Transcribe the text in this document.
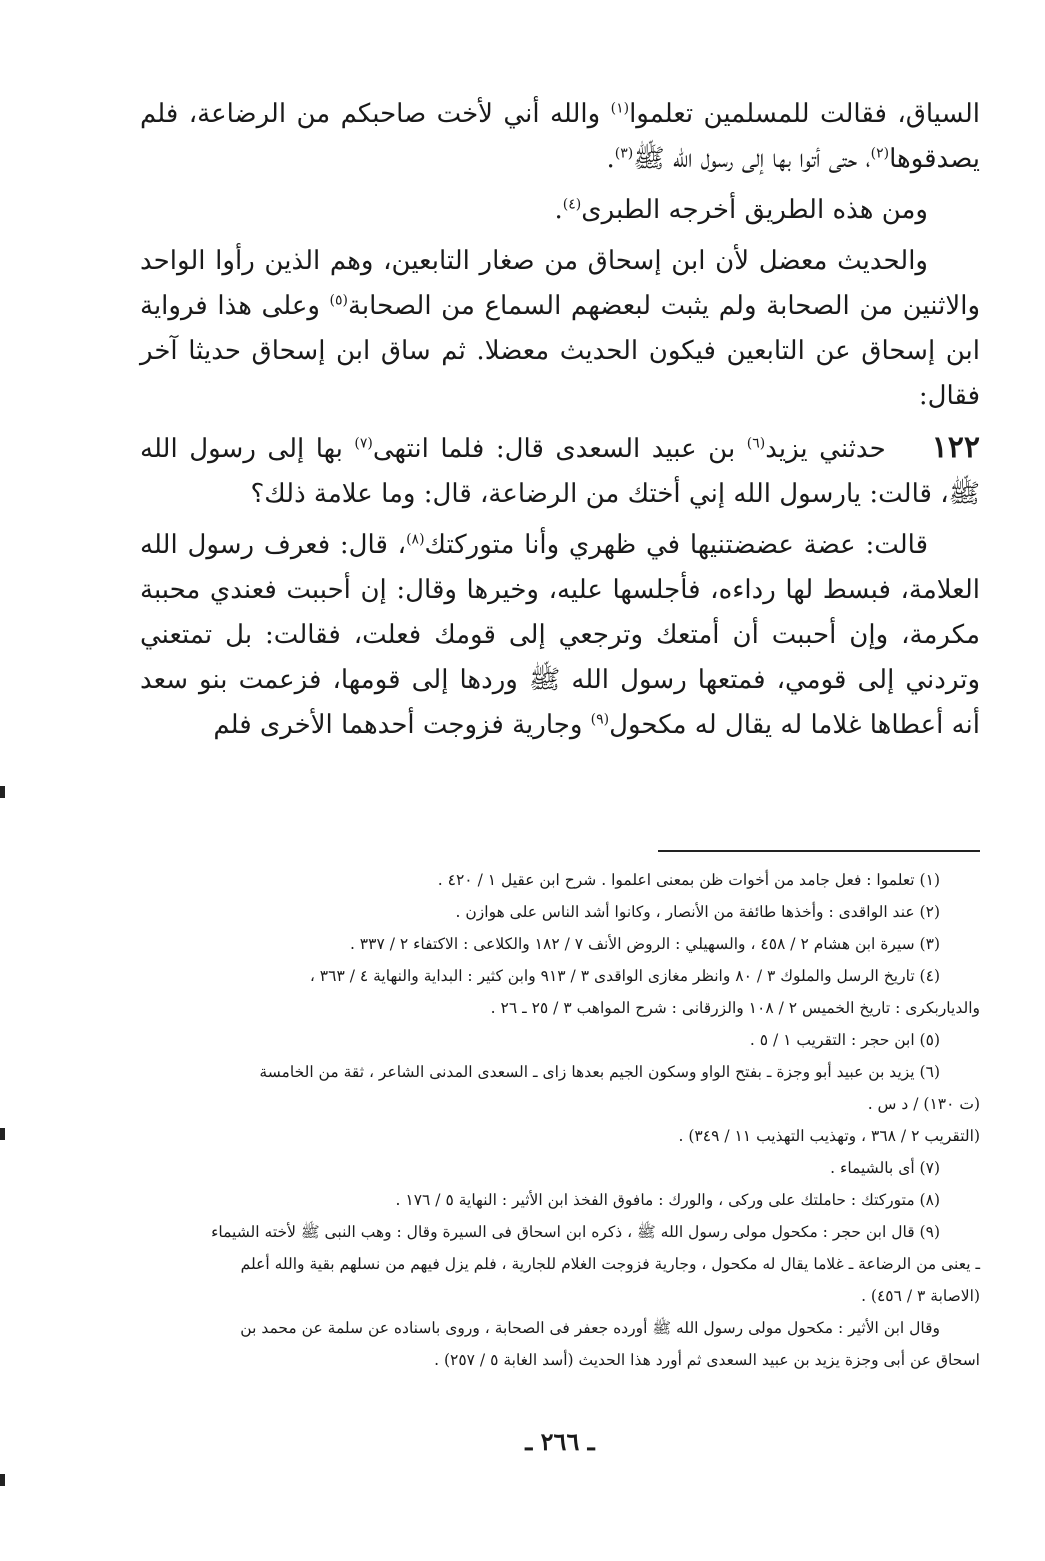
السياق، فقالت للمسلمين تعلموا$^{(١)}$ والله أني لأخت صاحبكم من الرضاعة، فلم يصدقوها$^{(٢)}$، حتى أتوا بها إلى رسول الله ﷺ$^{(٣)}$.

ومن هذه الطريق أخرجه الطبرى$^{(٤)}$.

والحديث معضل لأن ابن إسحاق من صغار التابعين، وهم الذين رأوا الواحد والاثنين من الصحابة ولم يثبت لبعضهم السماع من الصحابة$^{(٥)}$ وعلى هذا فرواية ابن إسحاق عن التابعين فيكون الحديث معضلا. ثم ساق ابن إسحاق حديثا آخر فقال:

١٢٢حدثني يزيد$^{(٦)}$ بن عبيد السعدى قال: فلما انتهى$^{(٧)}$ بها إلى رسول الله ﷺ، قالت: يارسول الله إني أختك من الرضاعة، قال: وما علامة ذلك؟

قالت: عضة عضضتنيها في ظهري وأنا متوركتك$^{(٨)}$، قال: فعرف رسول الله العلامة، فبسط لها رداءه، فأجلسها عليه، وخيرها وقال: إن أحببت فعندي محببة مكرمة، وإن أحببت أن أمتعك وترجعي إلى قومك فعلت، فقالت: بل تمتعني وتردني إلى قومي، فمتعها رسول الله ﷺ وردها إلى قومها، فزعمت بنو سعد أنه أعطاها غلاما له يقال له مكحول$^{(٩)}$ وجارية فزوجت أحدهما الأخرى فلم

(١) تعلموا : فعل جامد من أخوات ظن بمعنى اعلموا . شرح ابن عقيل ١ / ٤٢٠ .

(٢) عند الواقدى : وأخذها طائفة من الأنصار ، وكانوا أشد الناس على هوازن .

(٣) سيرة ابن هشام ٢ / ٤٥٨ ، والسهيلي : الروض الأنف ٧ / ١٨٢ والكلاعى : الاكتفاء ٢ / ٣٣٧ .

(٤) تاريخ الرسل والملوك ٣ / ٨٠ وانظر مغازى الواقدى ٣ / ٩١٣ وابن كثير : البداية والنهاية ٤ / ٣٦٣ ،

والدياربكرى : تاريخ الخميس ٢ / ١٠٨ والزرقانى : شرح المواهب ٣ / ٢٥ ـ ٢٦ .

(٥) ابن حجر : التقريب ١ / ٥ .

(٦) يزيد بن عبيد أبو وجزة ـ بفتح الواو وسكون الجيم بعدها زاى ـ السعدى المدنى الشاعر ، ثقة من الخامسة

(ت ١٣٠) / د س .

(التقريب ٢ / ٣٦٨ ، وتهذيب التهذيب ١١ / ٣٤٩) .

(٧) أى بالشيماء .

(٨) متوركتك : حاملتك على وركى ، والورك : مافوق الفخذ ابن الأثير : النهاية ٥ / ١٧٦ .

(٩) قال ابن حجر : مكحول مولى رسول الله ﷺ ، ذكره ابن اسحاق فى السيرة وقال : وهب النبى ﷺ لأخته الشيماء

ـ يعنى من الرضاعة ـ غلاما يقال له مكحول ، وجارية فزوجت الغلام للجارية ، فلم يزل فيهم من نسلهم بقية والله أعلم

(الاصابة ٣ / ٤٥٦) .

وقال ابن الأثير : مكحول مولى رسول الله ﷺ أورده جعفر فى الصحابة ، وروى باسناده عن سلمة عن محمد بن

اسحاق عن أبى وجزة يزيد بن عبيد السعدى ثم أورد هذا الحديث (أسد الغابة ٥ / ٢٥٧) .

ـ ٢٦٦ ـ
